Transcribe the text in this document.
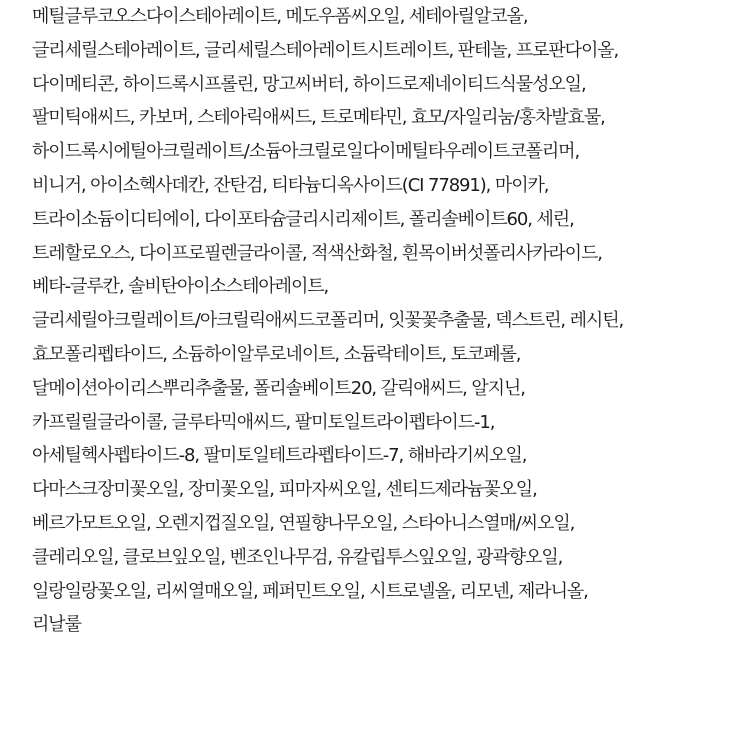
메틸글루코오스다이스테아레이트, 메도우폼씨오일, 세테아릴알코올,
글리세릴스테아레이트, 글리세릴스테아레이트시트레이트, 판테놀, 프로판다이올,
다이메티콘, 하이드록시프롤린, 망고씨버터, 하이드로제네이티드식물성오일,
팔미틱애씨드, 카보머, 스테아릭애씨드, 트로메타민, 효모/자일리눔/홍차발효물,
하이드록시에틸아크릴레이트/소듐아크릴로일다이메틸타우레이트코폴리머,
비니거, 아이소헥사데칸, 잔탄검, 티타늄디옥사이드(CI 77891), 마이카,
트라이소듐이디티에이, 다이포타슘글리시리제이트, 폴리솔베이트60, 세린,
트레할로오스, 다이프로필렌글라이콜, 적색산화철, 흰목이버섯폴리사카라이드,
베타-글루칸, 솔비탄아이소스테아레이트,
글리세릴아크릴레이트/아크릴릭애씨드코폴리머, 잇꽃꽃추출물, 덱스트린, 레시틴,
효모폴리펩타이드, 소듐하이알루로네이트, 소듐락테이트, 토코페롤,
달메이션아이리스뿌리추출물, 폴리솔베이트20, 갈릭애씨드, 알지닌,
카프릴릴글라이콜, 글루타믹애씨드, 팔미토일트라이펩타이드-1,
아세틸헥사펩타이드-8, 팔미토일테트라펩타이드-7, 해바라기씨오일,
다마스크장미꽃오일, 장미꽃오일, 피마자씨오일, 센티드제라늄꽃오일,
베르가모트오일, 오렌지껍질오일, 연필향나무오일, 스타아니스열매/씨오일,
클레리오일, 클로브잎오일, 벤조인나무검, 유칼립투스잎오일, 광곽향오일,
일랑일랑꽃오일, 리씨열매오일, 페퍼민트오일, 시트로넬올, 리모넨, 제라니올,
리날룰
